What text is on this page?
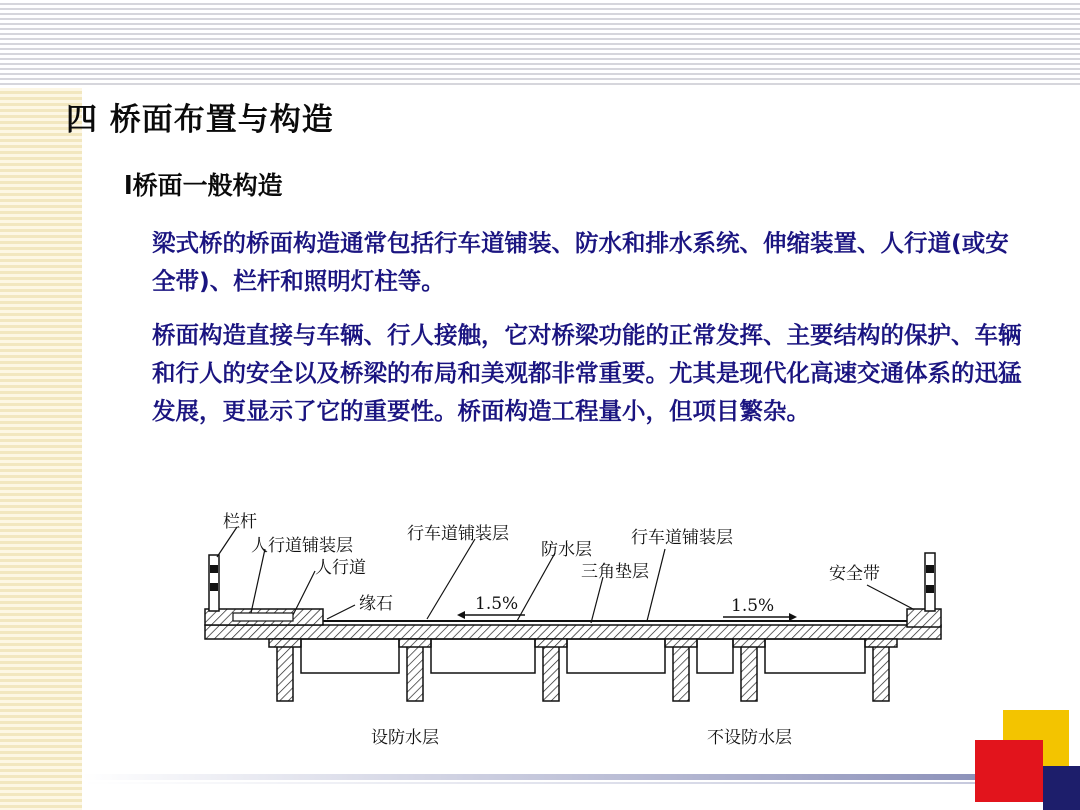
四 桥面布置与构造
l桥面一般构造
梁式桥的桥面构造通常包括行车道铺装、防水和排水系统、伸缩装置、人行道(或安全带)、栏杆和照明灯柱等。
桥面构造直接与车辆、行人接触，它对桥梁功能的正常发挥、主要结构的保护、车辆和行人的安全以及桥梁的布局和美观都非常重要。尤其是现代化高速交通体系的迅猛发展，更显示了它的重要性。桥面构造工程量小，但项目繁杂。
栏杆
人行道铺装层
人行道
缘石
行车道铺装层
防水层
三角垫层
行车道铺装层
安全带
1.5%	1.5%
设防水层	不设防水层
